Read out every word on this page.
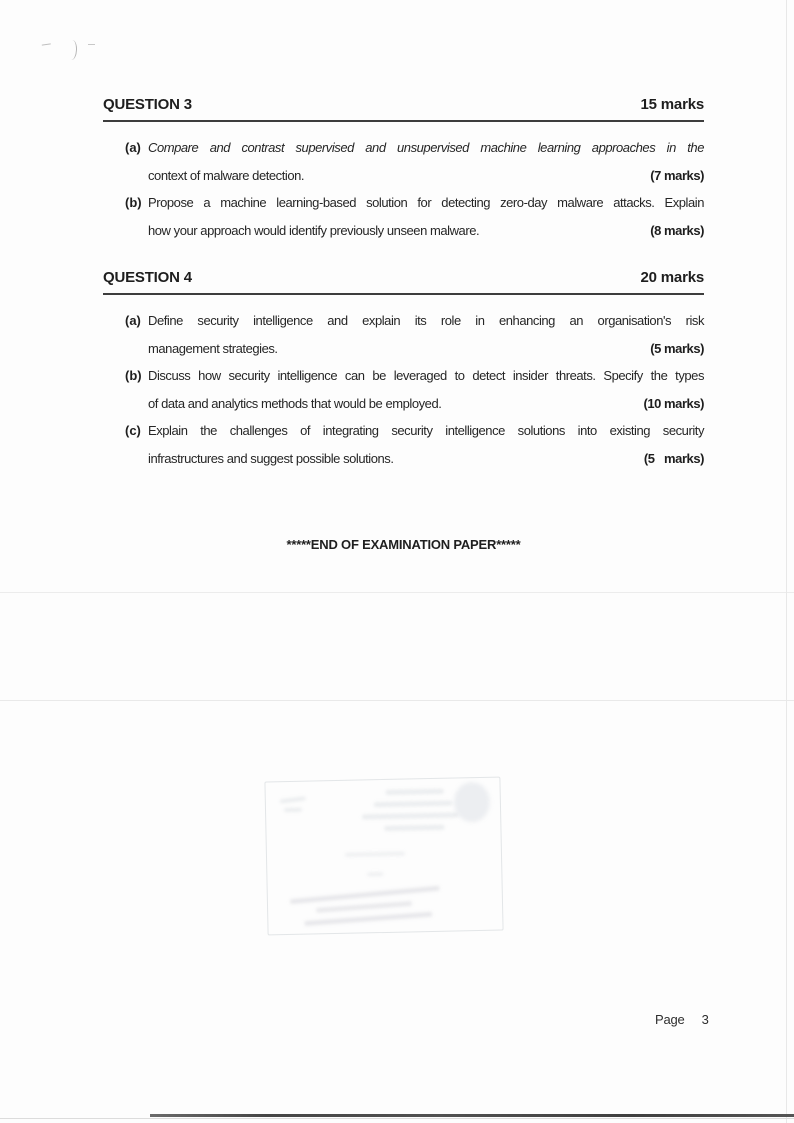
QUESTION 3	15 marks
(a) Compare and contrast supervised and unsupervised machine learning approaches in the
context of malware detection.	(7 marks)
(b) Propose a machine learning-based solution for detecting zero-day malware attacks. Explain
how your approach would identify previously unseen malware.	(8 marks)
QUESTION 4	20 marks
(a) Define security intelligence and explain its role in enhancing an organisation's risk
management strategies.	(5 marks)
(b) Discuss how security intelligence can be leveraged to detect insider threats. Specify the types
of data and analytics methods that would be employed.	(10 marks)
(c) Explain the challenges of integrating security intelligence solutions into existing security
infrastructures and suggest possible solutions.	(5   marks)
*****END OF EXAMINATION PAPER*****
Page 3
